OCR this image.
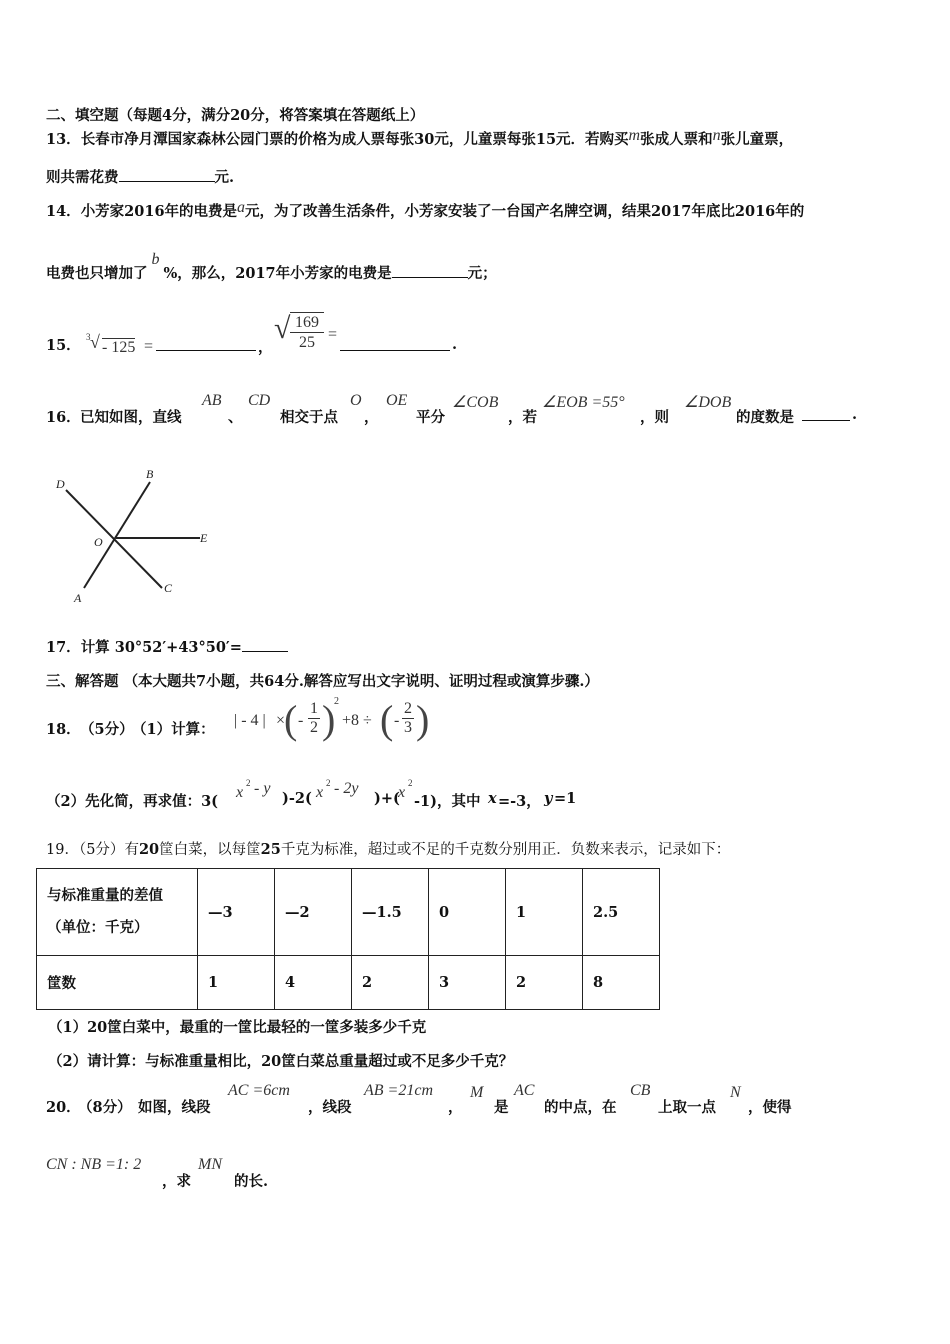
二、填空题（每题4分，满分20分，将答案填在答题纸上）
13．长春市净月潭国家森林公园门票的价格为成人票每张30元，儿童票每张15元．若购买m张成人票和n张儿童票，
则共需花费	元.
14．小芳家2016年的电费是a元，为了改善生活条件，小芳家安装了一台国产名牌空调，结果2017年底比2016年的
电费也只增加了b%，那么，2017年小芳家的电费是	元；
15． 3 √ - 125 =	，
√ $\frac{169}{25}$ =
.
16． 已知如图，直线
AB
、
CD
相交于点
O
，
OE
平分
∠COB
，若
∠EOB =55°
，则
∠DOB
的度数是	.
D
B
O	E
A
C
17．计算 30°52′+43°50′=
三、解答题 （本大题共7小题，共64分.解答应写出文字说明、证明过程或演算步骤.）
18． （5分）
（1）计算：
| - 4 | ×
( - $\frac{1}{2}$ )
2
+8 ÷ ( - $\frac{2}{3}$ )
（2）先化简，再求值：3(
x
2 - y
)-2( x
2 - 2y
)+(
x
2
-1)，其中 x =-3， y =1
19．（5分）有20筐白菜，以每筐25千克为标准，超过或不足的千克数分别用正．负数来表示，记录如下：
与标准重量的差值
（单位：千克）	—3	—2	—1.5	0	1	2.5
筐数	1	4	2	3	2	8
（1）20筐白菜中，最重的一筐比最轻的一筐多装多少千克
（2）请计算：与标准重量相比，20筐白菜总重量超过或不足多少千克？
20．
（8分） 如图，线段
AC =6cm
，线段
AB =21cm
，
M
是
AC
的中点，在
CB
上取一点
N
，使得
CN : NB =1: 2
，求
MN
的长.
